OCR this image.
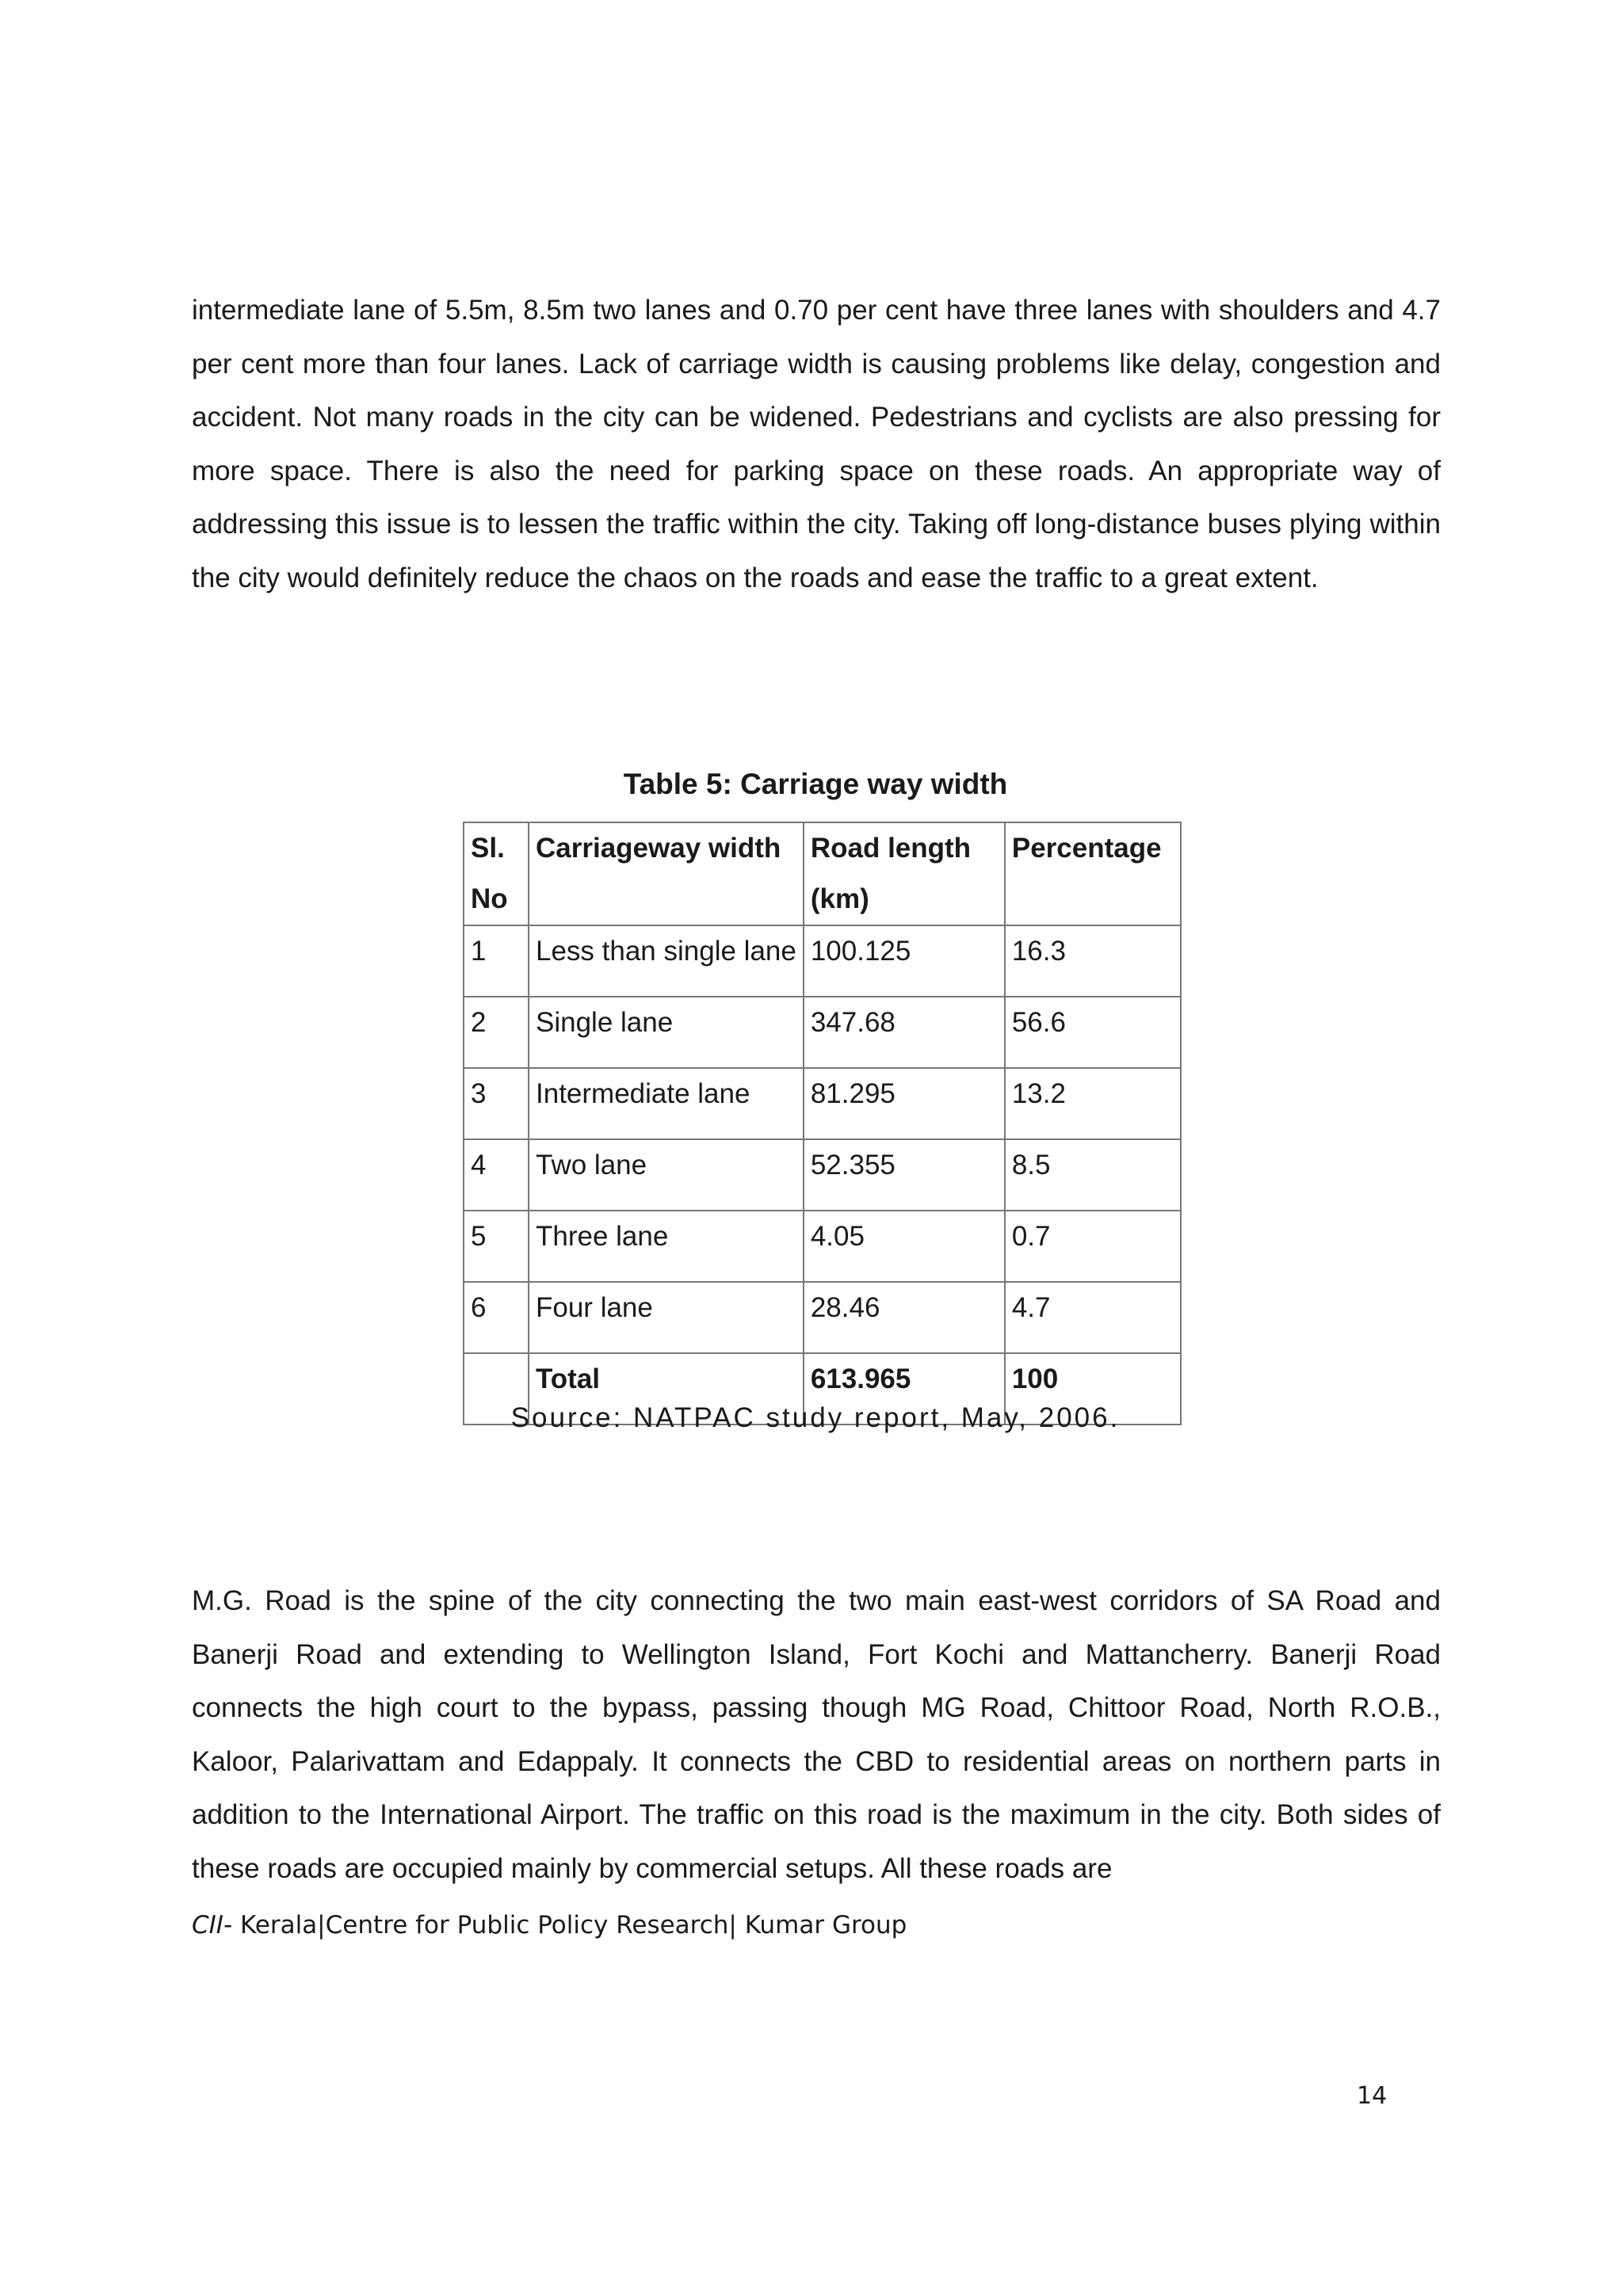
intermediate lane of 5.5m, 8.5m two lanes and 0.70 per cent have three lanes with shoulders and 4.7 per cent more than four lanes. Lack of carriage width is causing problems like delay, congestion and accident. Not many roads in the city can be widened. Pedestrians and cyclists are also pressing for more space. There is also the need for parking space on these roads. An appropriate way of addressing this issue is to lessen the traffic within the city. Taking off long-distance buses plying within the city would definitely reduce the chaos on the roads and ease the traffic to a great extent.

Table 5: Carriage way width

Sl. No	Carriageway width	Road length (km)	Percentage
1	Less than single lane	100.125	16.3
2	Single lane	347.68	56.6
3	Intermediate lane	81.295	13.2
4	Two lane	52.355	8.5
5	Three lane	4.05	0.7
6	Four lane	28.46	4.7
	Total	613.965	100

Source: NATPAC study report, May, 2006.

M.G. Road is the spine of the city connecting the two main east-west corridors of SA Road and Banerji Road and extending to Wellington Island, Fort Kochi and Mattancherry. Banerji Road connects the high court to the bypass, passing though MG Road, Chittoor Road, North R.O.B., Kaloor, Palarivattam and Edappaly. It connects the CBD to residential areas on northern parts in addition to the International Airport. The traffic on this road is the maximum in the city. Both sides of these roads are occupied mainly by commercial setups. All these roads are

CII- Kerala|Centre for Public Policy Research| Kumar Group

14
